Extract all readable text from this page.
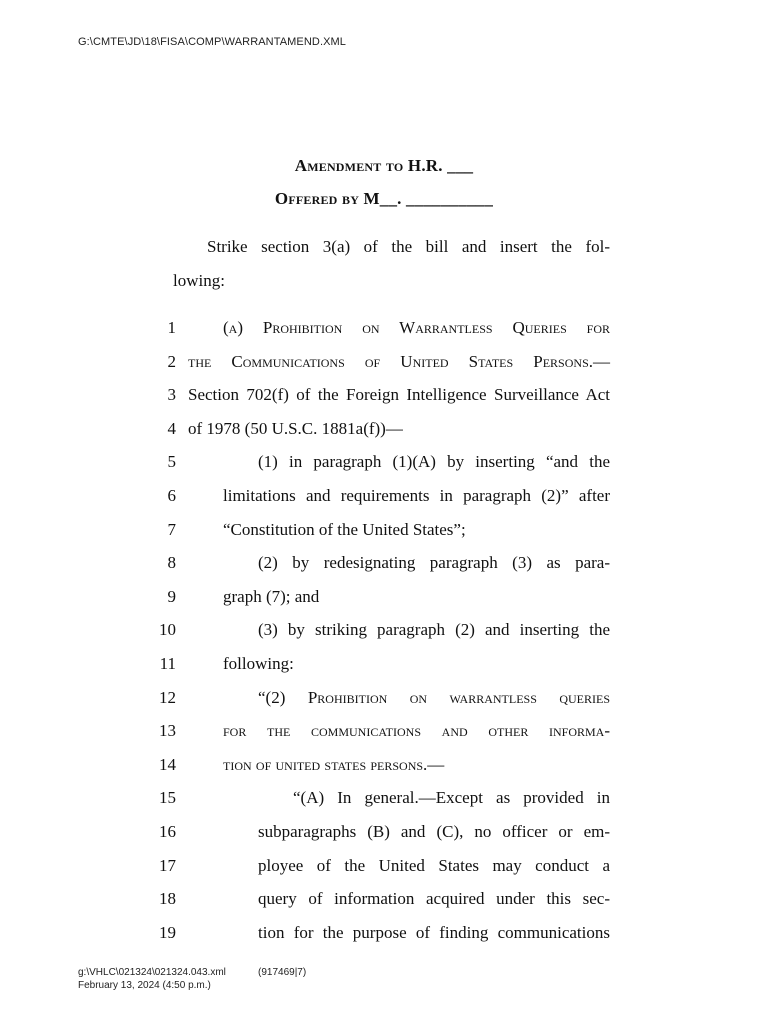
G:\CMTE\JD\18\FISA\COMP\WARRANTAMEND.XML
Amendment to H.R. ___
Offered by M__. __________
Strike section 3(a) of the bill and insert the fol-
lowing:
1	(a) Prohibition on Warrantless Queries for
2 the Communications of United States Persons.—
3 Section 702(f) of the Foreign Intelligence Surveillance Act
4 of 1978 (50 U.S.C. 1881a(f))—
5	(1) in paragraph (1)(A) by inserting “and the
6	limitations and requirements in paragraph (2)” after
7	“Constitution of the United States”;
8	(2) by redesignating paragraph (3) as para-
9	graph (7); and
10	(3) by striking paragraph (2) and inserting the
11	following:
12	“(2) Prohibition on warrantless queries
13	for the communications and other informa-
14	tion of united states persons.—
15	“(A) In general.—Except as provided in
16	subparagraphs (B) and (C), no officer or em-
17	ployee of the United States may conduct a
18	query of information acquired under this sec-
19	tion for the purpose of finding communications
g:\VHLC\021324\021324.043.xml
February 13, 2024 (4:50 p.m.)
(917469|7)
